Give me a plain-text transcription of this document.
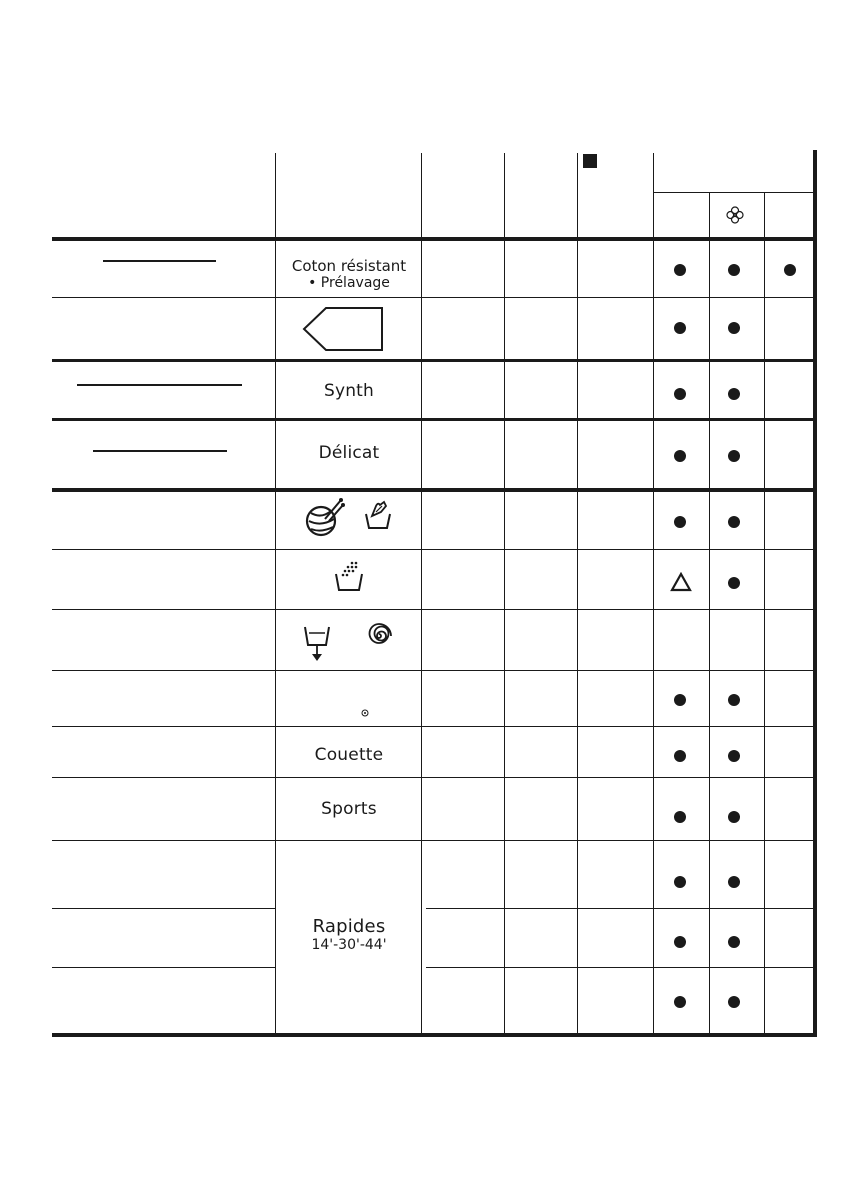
Coton résistant
• Prélavage
Synth
Délicat
Couette
Sports
Rapides
14'-30'-44'
